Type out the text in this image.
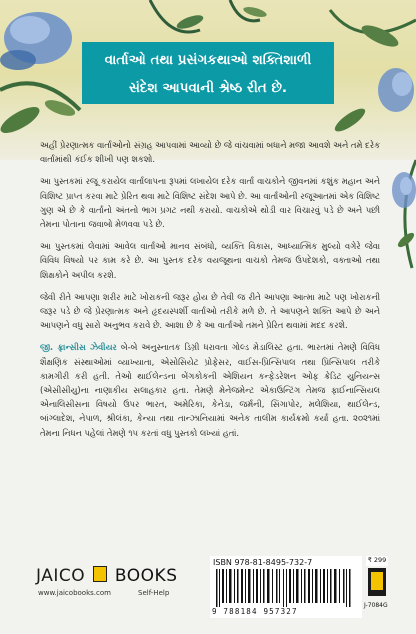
વાર્તાઓ તથા પ્રસંગકથાઓ શક્તિશાળી
સંદેશ આપવાની શ્રેષ્ઠ રીત છે.

અહીં પ્રેરણાત્મક વાર્તાઓનો સંગ્રહ આપવામાં આવ્યો છે જે વાંચવામાં બધાને મજા આવશે અને તમે દરેક વાર્તામાંથી કંઈક શીખી પણ શકશો.

આ પુસ્તકમાં રજૂ કરાયેલ વાર્તાલાપના રૂપમાં લખાયેલ દરેક વાર્તા વાચકોને જીવનમાં કશુંક મહાન અને વિશિષ્ટ પ્રાપ્ત કરવા માટે પ્રેરિત થવા માટે વિશિષ્ટ સંદેશ આપે છે. આ વાર્તાઓની રજૂઆતમાં એક વિશિષ્ટ ગુણ એ છે કે વાર્તાનો અંતનો ભાગ પ્રગટ નથી કરાયો. વાચકોએ થોડી વાર વિચારવું પડે છે અને પછી તેમના પોતાના જવાબો મેળવવા પડે છે.

આ પુસ્તકમાં લેવામાં આવેલ વાર્તાઓ માનવ સંબંધો, વ્યક્તિ વિકાસ, આધ્યાત્મિક મુલ્યો વગેરે જેવા વિવિધ વિષયો પર કામ કરે છે. આ પુસ્તક દરેક વયજૂથના વાચકો તેમજ ઉપદેશકો, વક્તાઓ તથા શિક્ષકોને અપીલ કરશે.

જેવી રીતે આપણા શરીર માટે ખોરાકની જરૂર હોય છે તેવી જ રીતે આપણા આત્મા માટે પણ ખોરાકની જરૂર પડે છે જે પ્રેરણાત્મક અને હૃદયસ્પર્શી વાર્તાઓ તરીકે મળે છે. તે આપણને શક્તિ આપે છે અને આપણને વધુ સારો અનુભવ કરાવે છે. આશા છે કે આ વાર્તાઓ તમને પ્રેરિત થવામાં મદદ કરશે.

જી. ફ્રાન્સીસ ઝેવીયર બે-બે અનુસ્નાતક ડિગ્રી ધરાવતા ગોલ્ડ મેડાલિસ્ટ હતા. ભારતમાં તેમણે વિવિધ શૈક્ષણિક સંસ્થાઓમાં વ્યાખ્યાતા, એસોસિયેટ પ્રોફેસર, વાઈસ-પ્રિન્સિપાલ તથા પ્રિન્સિપાલ તરીકે કામગીરી કરી હતી. તેઓ થાઈલેન્ડના બેંગકોકની એશિયન કન્ફેડરેશન ઓફ ક્રેડિટ યુનિયન્સ (એસીસીયુ)ના નાણાકીય સલાહકાર હતા. તેમણે મેનેજમેન્ટ એકાઉન્ટિંગ તેમજ ફાઈનાન્સિયલ એનાલિસીસના વિષયો ઉપર ભારત, અમેરિકા, કેનેડા, જર્મની, સિંગાપોર, મલેશિયા, થાઈલેન્ડ, બાંગ્લાદેશ, નેપાળ, શ્રીલંકા, કેન્યા તથા તાન્ઝાનિયામાં અનેક તાલીમ કાર્યક્રમો કર્યા હતા. ૨૦૨૧માં તેમના નિધન પહેલાં તેમણે ૧૫ કરતાં વધુ પુસ્તકો લખ્યાં હતાં.

JAICO BOOKS
www.jaicobooks.com	Self-Help
ISBN 978-81-8495-732-7
9 788184 957327
₹ 299
J-7084G
